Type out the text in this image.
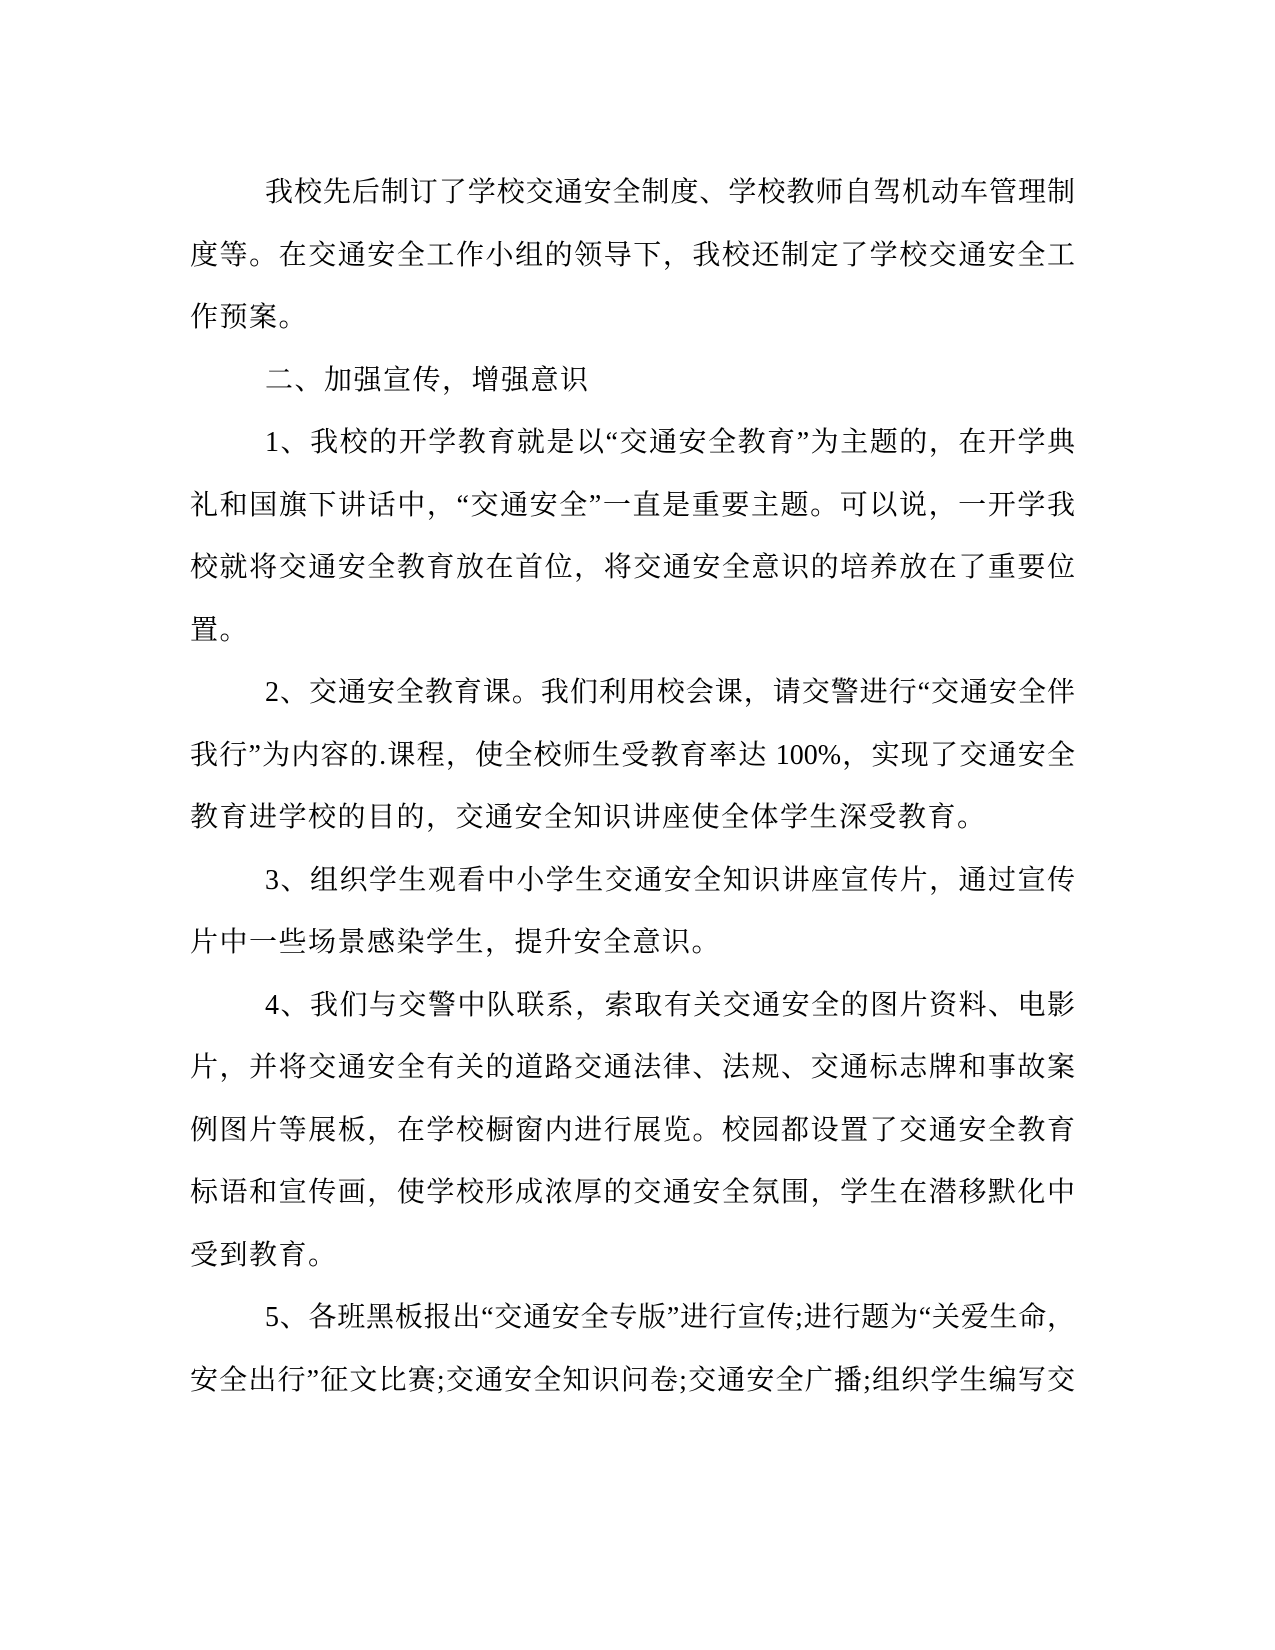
我校先后制订了学校交通安全制度、学校教师自驾机动车管理制
度等。在交通安全工作小组的领导下，我校还制定了学校交通安全工
作预案。
二、加强宣传，增强意识
1、我校的开学教育就是以“交通安全教育”为主题的，在开学典
礼和国旗下讲话中，“交通安全”一直是重要主题。可以说，一开学我
校就将交通安全教育放在首位，将交通安全意识的培养放在了重要位
置。
2、交通安全教育课。我们利用校会课，请交警进行“交通安全伴
我行”为内容的.课程，使全校师生受教育率达 100%，实现了交通安全
教育进学校的目的，交通安全知识讲座使全体学生深受教育。
3、组织学生观看中小学生交通安全知识讲座宣传片，通过宣传
片中一些场景感染学生，提升安全意识。
4、我们与交警中队联系，索取有关交通安全的图片资料、电影
片，并将交通安全有关的道路交通法律、法规、交通标志牌和事故案
例图片等展板，在学校橱窗内进行展览。校园都设置了交通安全教育
标语和宣传画，使学校形成浓厚的交通安全氛围，学生在潜移默化中
受到教育。
5、各班黑板报出“交通安全专版”进行宣传;进行题为“关爱生命，
安全出行”征文比赛;交通安全知识问卷;交通安全广播;组织学生编写交
